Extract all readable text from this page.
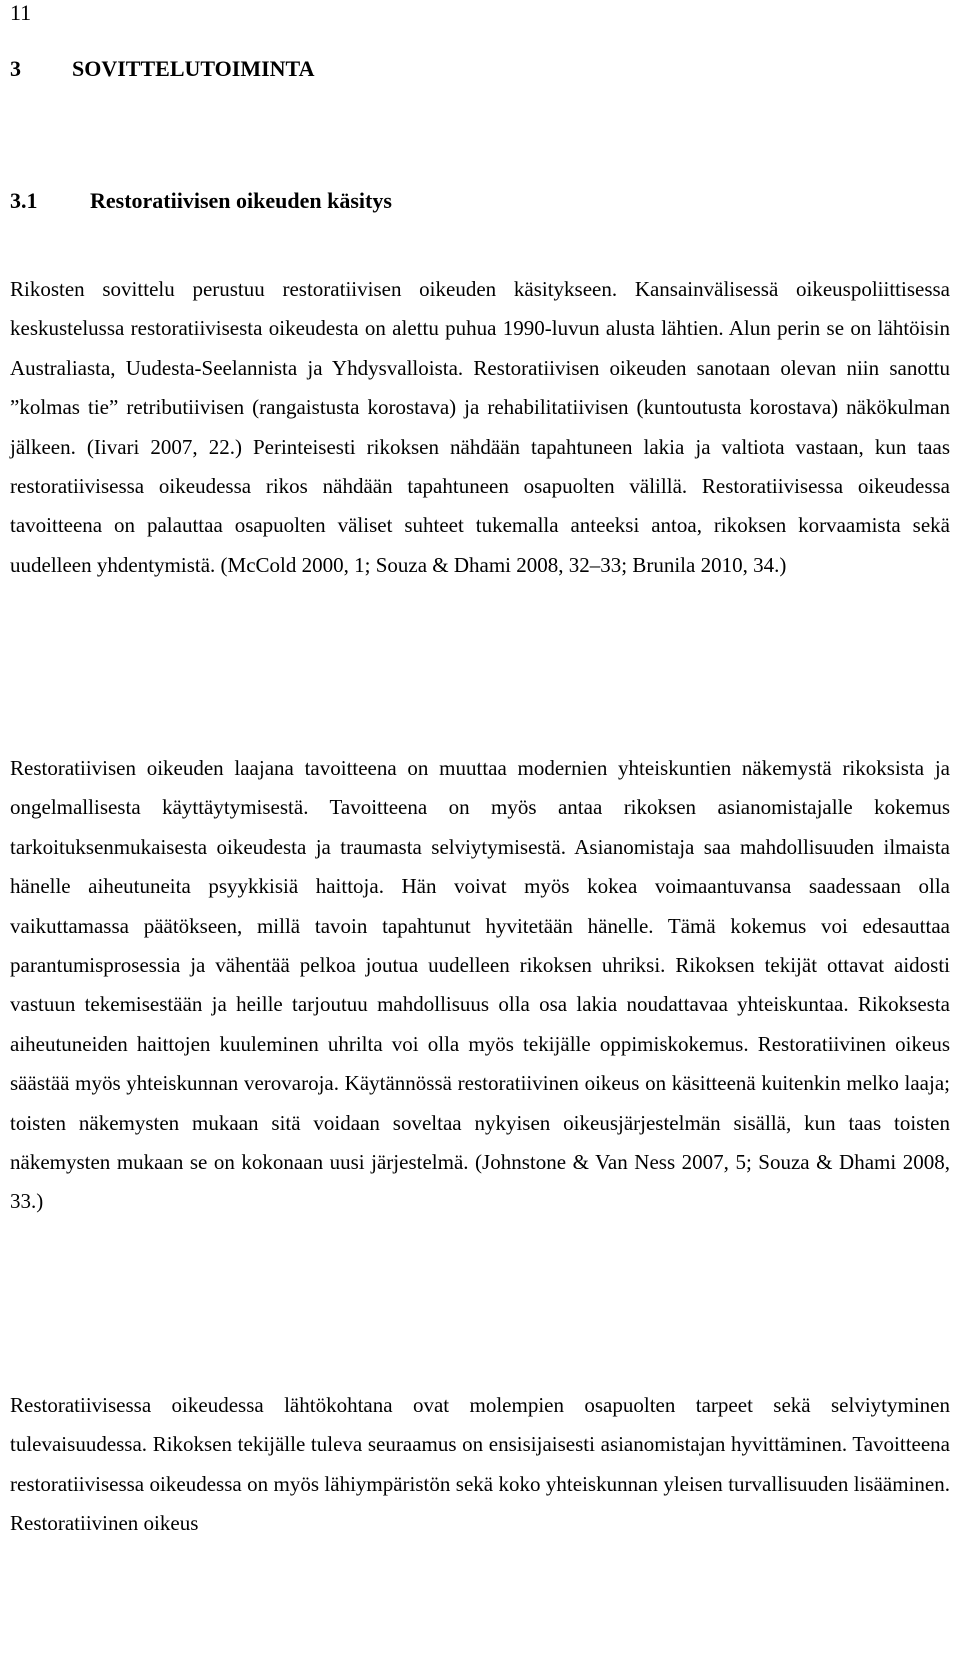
11
3 SOVITTELUTOIMINTA
3.1 Restoratiivisen oikeuden käsitys

Rikosten sovittelu perustuu restoratiivisen oikeuden käsitykseen. Kansainvälisessä oikeuspoliittisessa keskustelussa restoratiivisesta oikeudesta on alettu puhua 1990-luvun alusta lähtien. Alun perin se on lähtöisin Australiasta, Uudesta-Seelannista ja Yhdysvalloista. Restoratiivisen oikeuden sanotaan olevan niin sanottu ”kolmas tie” retributiivisen (rangaistusta korostava) ja rehabilitatiivisen (kuntoutusta korostava) näkökulman jälkeen. (Iivari 2007, 22.) Perinteisesti rikoksen nähdään tapahtuneen lakia ja valtiota vastaan, kun taas restoratiivisessa oikeudessa rikos nähdään tapahtuneen osapuolten välillä. Restoratiivisessa oikeudessa tavoitteena on palauttaa osapuolten väliset suhteet tukemalla anteeksi antoa, rikoksen korvaamista sekä uudelleen yhdentymistä. (McCold 2000, 1; Souza & Dhami 2008, 32–33; Brunila 2010, 34.)

Restoratiivisen oikeuden laajana tavoitteena on muuttaa modernien yhteiskuntien näkemystä rikoksista ja ongelmallisesta käyttäytymisestä. Tavoitteena on myös antaa rikoksen asianomistajalle kokemus tarkoituksenmukaisesta oikeudesta ja traumasta selviytymisestä. Asianomistaja saa mahdollisuuden ilmaista hänelle aiheutuneita psyykkisiä haittoja. Hän voivat myös kokea voimaantuvansa saadessaan olla vaikuttamassa päätökseen, millä tavoin tapahtunut hyvitetään hänelle. Tämä kokemus voi edesauttaa parantumisprosessia ja vähentää pelkoa joutua uudelleen rikoksen uhriksi. Rikoksen tekijät ottavat aidosti vastuun tekemisestään ja heille tarjoutuu mahdollisuus olla osa lakia noudattavaa yhteiskuntaa. Rikoksesta aiheutuneiden haittojen kuuleminen uhrilta voi olla myös tekijälle oppimiskokemus. Restoratiivinen oikeus säästää myös yhteiskunnan verovaroja. Käytännössä restoratiivinen oikeus on käsitteenä kuitenkin melko laaja; toisten näkemysten mukaan sitä voidaan soveltaa nykyisen oikeusjärjestelmän sisällä, kun taas toisten näkemysten mukaan se on kokonaan uusi järjestelmä. (Johnstone & Van Ness 2007, 5; Souza & Dhami 2008, 33.)

Restoratiivisessa oikeudessa lähtökohtana ovat molempien osapuolten tarpeet sekä selviytyminen tulevaisuudessa. Rikoksen tekijälle tuleva seuraamus on ensisijaisesti asianomistajan hyvittäminen. Tavoitteena restoratiivisessa oikeudessa on myös lähiympäristön sekä koko yhteiskunnan yleisen turvallisuuden lisääminen. Restoratiivinen oikeus
